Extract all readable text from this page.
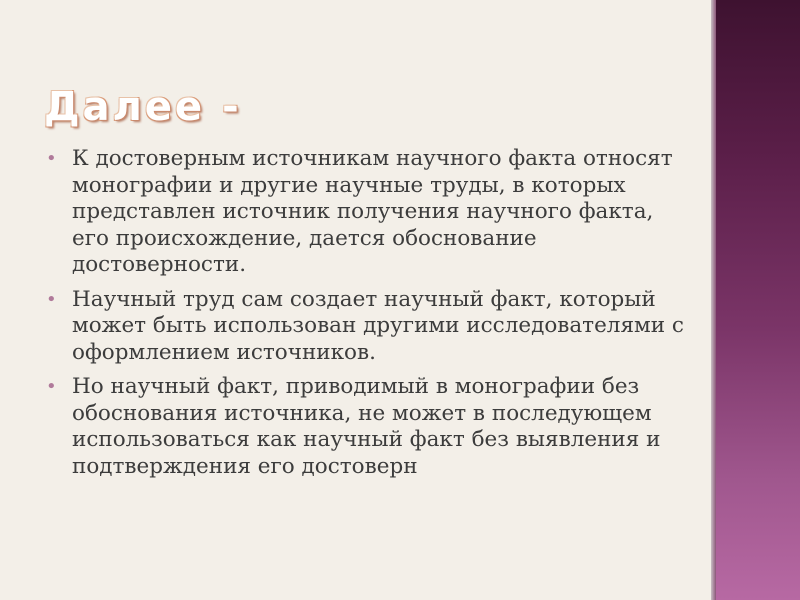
Далее -
• К достоверным источникам научного факта относят монографии и другие научные труды, в которых представлен источник получения научного факта, его происхождение, дается обоснование достоверности.
• Научный труд сам создает научный факт, который может быть использован другими исследователями с оформлением источников.
• Но научный факт, приводимый в монографии без обоснования источника, не может в последующем использоваться как научный факт без выявления и подтверждения его достоверн
